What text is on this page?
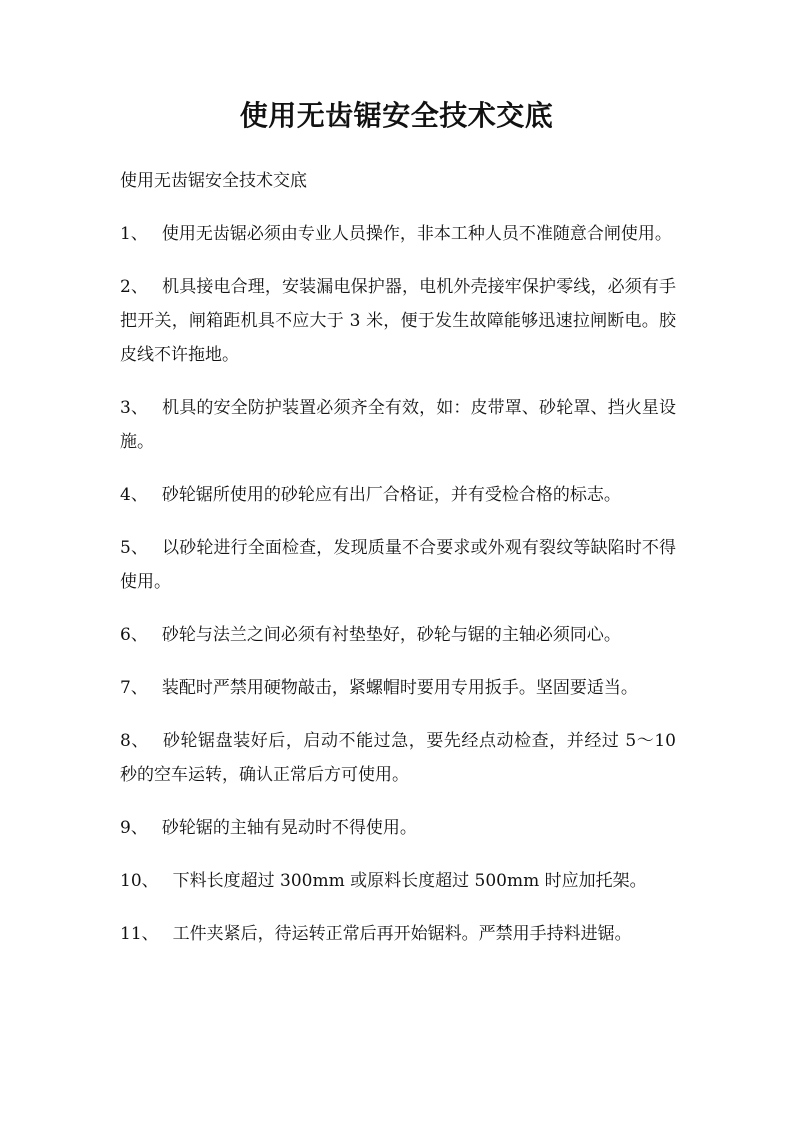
使用无齿锯安全技术交底

使用无齿锯安全技术交底

1、 使用无齿锯必须由专业人员操作，非本工种人员不准随意合闸使用。

2、 机具接电合理，安装漏电保护器，电机外壳接牢保护零线，必须有手把开关，闸箱距机具不应大于 3 米，便于发生故障能够迅速拉闸断电。胶皮线不许拖地。

3、 机具的安全防护装置必须齐全有效，如：皮带罩、砂轮罩、挡火星设施。

4、 砂轮锯所使用的砂轮应有出厂合格证，并有受检合格的标志。

5、 以砂轮进行全面检查，发现质量不合要求或外观有裂纹等缺陷时不得使用。

6、 砂轮与法兰之间必须有衬垫垫好，砂轮与锯的主轴必须同心。

7、 装配时严禁用硬物敲击，紧螺帽时要用专用扳手。坚固要适当。

8、 砂轮锯盘装好后，启动不能过急，要先经点动检查，并经过 5～10 秒的空车运转，确认正常后方可使用。

9、 砂轮锯的主轴有晃动时不得使用。

10、 下料长度超过 300mm 或原料长度超过 500mm 时应加托架。

11、 工件夹紧后，待运转正常后再开始锯料。严禁用手持料进锯。
